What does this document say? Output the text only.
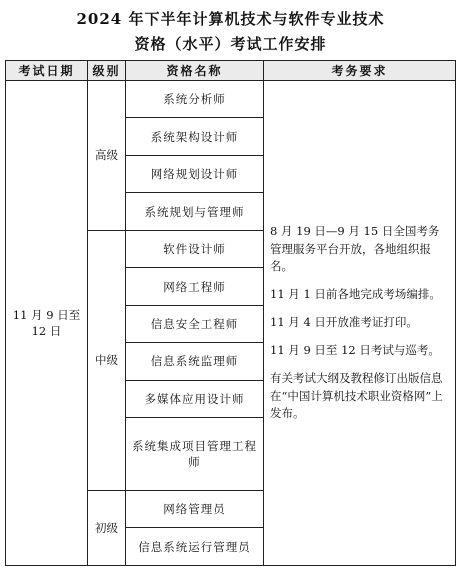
2024 年下半年计算机技术与软件专业技术
资格（水平）考试工作安排
考试日期	级别	资格名称	考务要求
11 月 9 日至 12 日	高级	系统分析师	8 月 19 日—9 月 15 日全国考务管理服务平台开放，各地组织报名。

11 月 1 日前各地完成考场编排。

11 月 4 日开放准考证打印。

11 月 9 日至 12 日考试与巡考。

有关考试大纲及教程修订出版信息在“中国计算机技术职业资格网”上发布。

		系统架构设计师	
		网络规划设计师	
		系统规划与管理师	
	中级	软件设计师	
		网络工程师	
		信息安全工程师	
		信息系统监理师	
		多媒体应用设计师	
		系统集成项目管理工程师	
	初级	网络管理员	
		信息系统运行管理员	
